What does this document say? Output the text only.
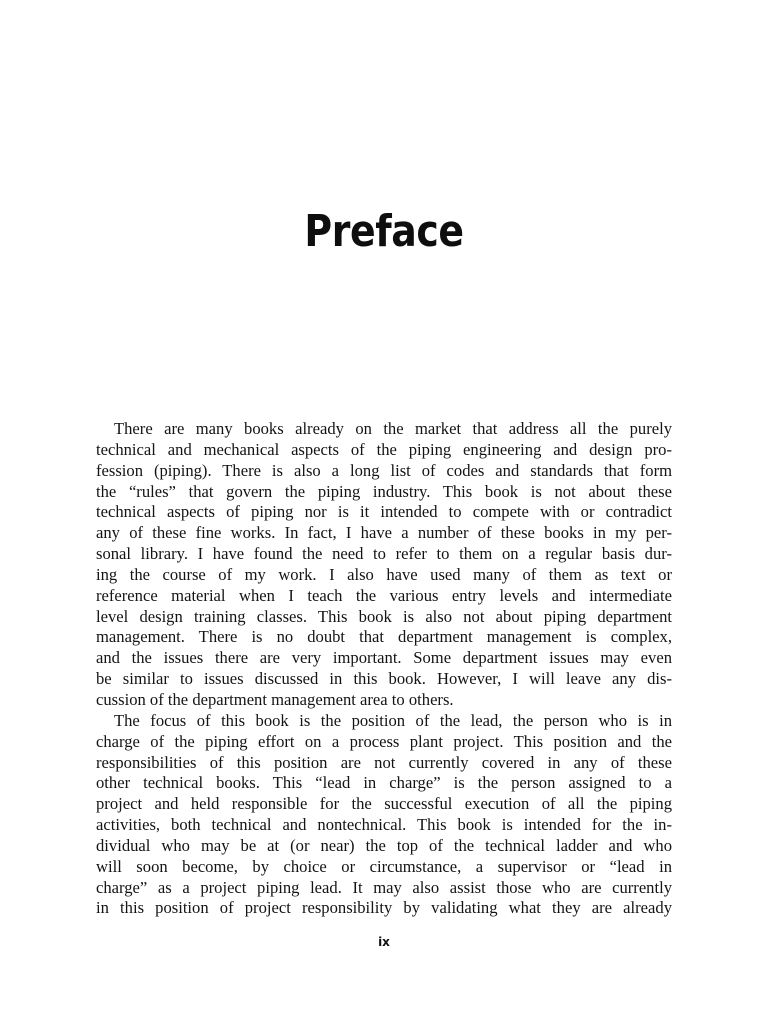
Preface
There are many books already on the market that address all the purely
technical and mechanical aspects of the piping engineering and design pro-
fession (piping). There is also a long list of codes and standards that form
the “rules” that govern the piping industry. This book is not about these
technical aspects of piping nor is it intended to compete with or contradict
any of these fine works. In fact, I have a number of these books in my per-
sonal library. I have found the need to refer to them on a regular basis dur-
ing the course of my work. I also have used many of them as text or
reference material when I teach the various entry levels and intermediate
level design training classes. This book is also not about piping department
management. There is no doubt that department management is complex,
and the issues there are very important. Some department issues may even
be similar to issues discussed in this book. However, I will leave any dis-
cussion of the department management area to others.
The focus of this book is the position of the lead, the person who is in
charge of the piping effort on a process plant project. This position and the
responsibilities of this position are not currently covered in any of these
other technical books. This “lead in charge” is the person assigned to a
project and held responsible for the successful execution of all the piping
activities, both technical and nontechnical. This book is intended for the in-
dividual who may be at (or near) the top of the technical ladder and who
will soon become, by choice or circumstance, a supervisor or “lead in
charge” as a project piping lead. It may also assist those who are currently
in this position of project responsibility by validating what they are already
ix
